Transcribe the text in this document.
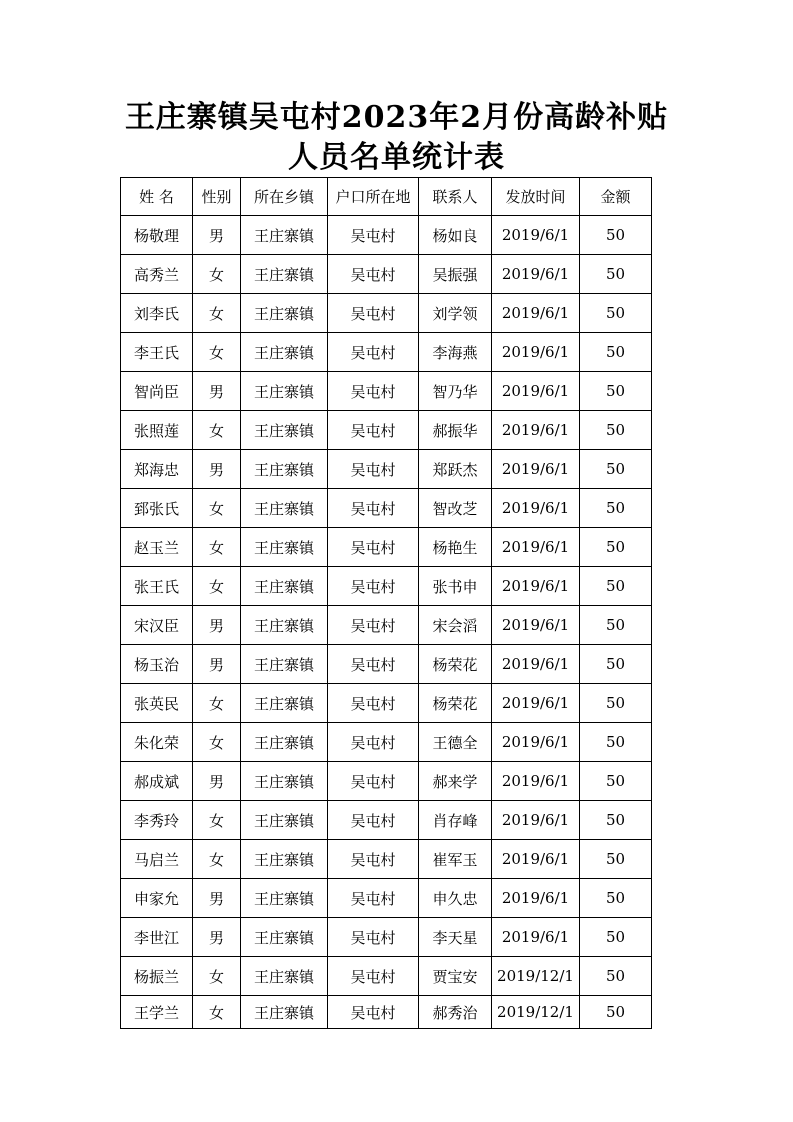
王庄寨镇吴屯村2023年2月份高龄补贴
人员名单统计表
姓 名	性别	所在乡镇	户口所在地	联系人	发放时间	金额
杨敬理	男	王庄寨镇	吴屯村	杨如良	2019/6/1	50
高秀兰	女	王庄寨镇	吴屯村	吴振强	2019/6/1	50
刘李氏	女	王庄寨镇	吴屯村	刘学领	2019/6/1	50
李王氏	女	王庄寨镇	吴屯村	李海燕	2019/6/1	50
智尚臣	男	王庄寨镇	吴屯村	智乃华	2019/6/1	50
张照莲	女	王庄寨镇	吴屯村	郝振华	2019/6/1	50
郑海忠	男	王庄寨镇	吴屯村	郑跃杰	2019/6/1	50
郅张氏	女	王庄寨镇	吴屯村	智改芝	2019/6/1	50
赵玉兰	女	王庄寨镇	吴屯村	杨艳生	2019/6/1	50
张王氏	女	王庄寨镇	吴屯村	张书申	2019/6/1	50
宋汉臣	男	王庄寨镇	吴屯村	宋会滔	2019/6/1	50
杨玉治	男	王庄寨镇	吴屯村	杨荣花	2019/6/1	50
张英民	女	王庄寨镇	吴屯村	杨荣花	2019/6/1	50
朱化荣	女	王庄寨镇	吴屯村	王德全	2019/6/1	50
郝成斌	男	王庄寨镇	吴屯村	郝来学	2019/6/1	50
李秀玲	女	王庄寨镇	吴屯村	肖存峰	2019/6/1	50
马启兰	女	王庄寨镇	吴屯村	崔军玉	2019/6/1	50
申家允	男	王庄寨镇	吴屯村	申久忠	2019/6/1	50
李世江	男	王庄寨镇	吴屯村	李天星	2019/6/1	50
杨振兰	女	王庄寨镇	吴屯村	贾宝安	2019/12/1	50
王学兰	女	王庄寨镇	吴屯村	郝秀治	2019/12/1	50
